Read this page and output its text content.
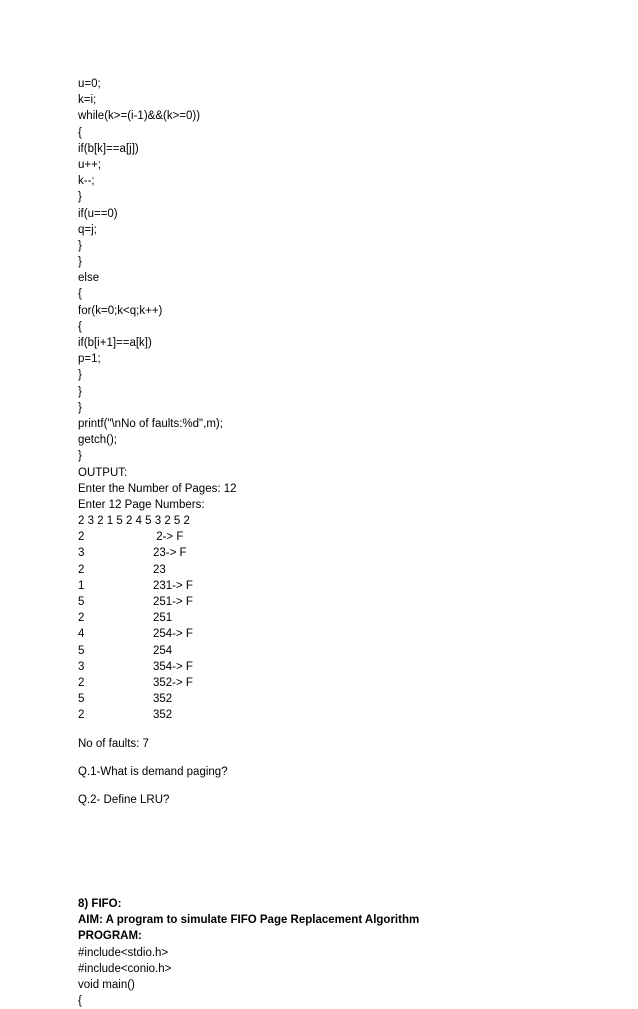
u=0;
k=i;
while(k>=(i-1)&&(k>=0))
{
if(b[k]==a[j])
u++;
k--;
}
if(u==0)
q=j;
}
}
else
{
for(k=0;k<q;k++)
{
if(b[i+1]==a[k])
p=1;
}
}
}
printf("\nNo of faults:%d",m);
getch();
}
OUTPUT:
Enter the Number of Pages: 12
Enter 12 Page Numbers:
2 3 2 1 5 2 4 5 3 2 5 2
2	2-> F
3	23-> F
2	23
1	231-> F
5	251-> F
2	251
4	254-> F
5	254
3	354-> F
2	352-> F
5	352
2	352
No of faults: 7
Q.1-What is demand paging?
Q.2- Define LRU?
8) FIFO:
AIM: A program to simulate FIFO Page Replacement Algorithm
PROGRAM:
#include<stdio.h>
#include<conio.h>
void main()
{
